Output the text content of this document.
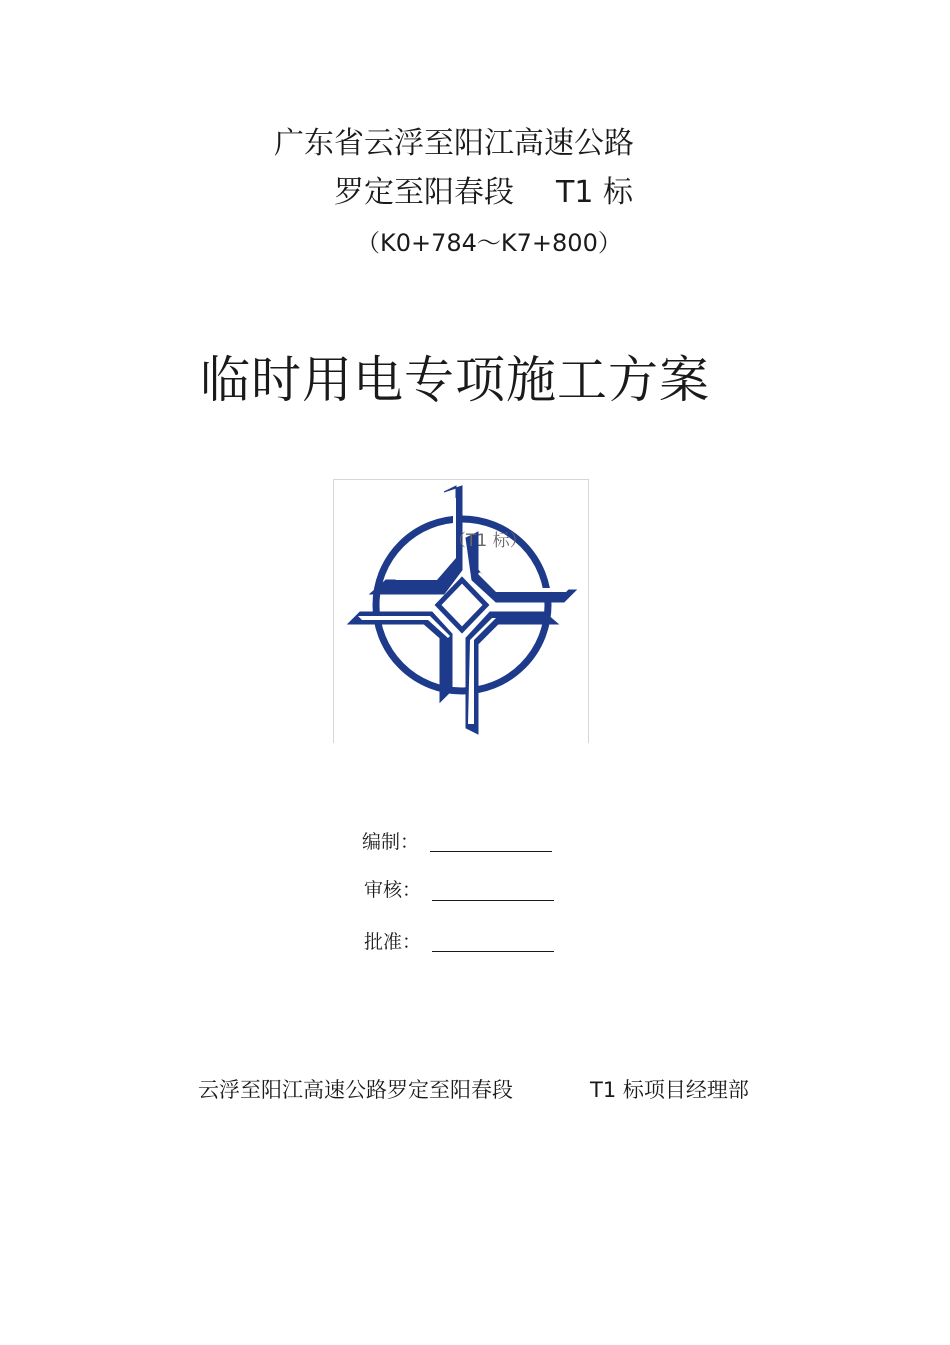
广东省云浮至阳江高速公路
罗定至阳春段 T1 标
（K0+784～K7+800）
临时用电专项施工方案
（T1 标）
编制：
审核：
批准：
云浮至阳江高速公路罗定至阳春段	T1 标项目经理部
